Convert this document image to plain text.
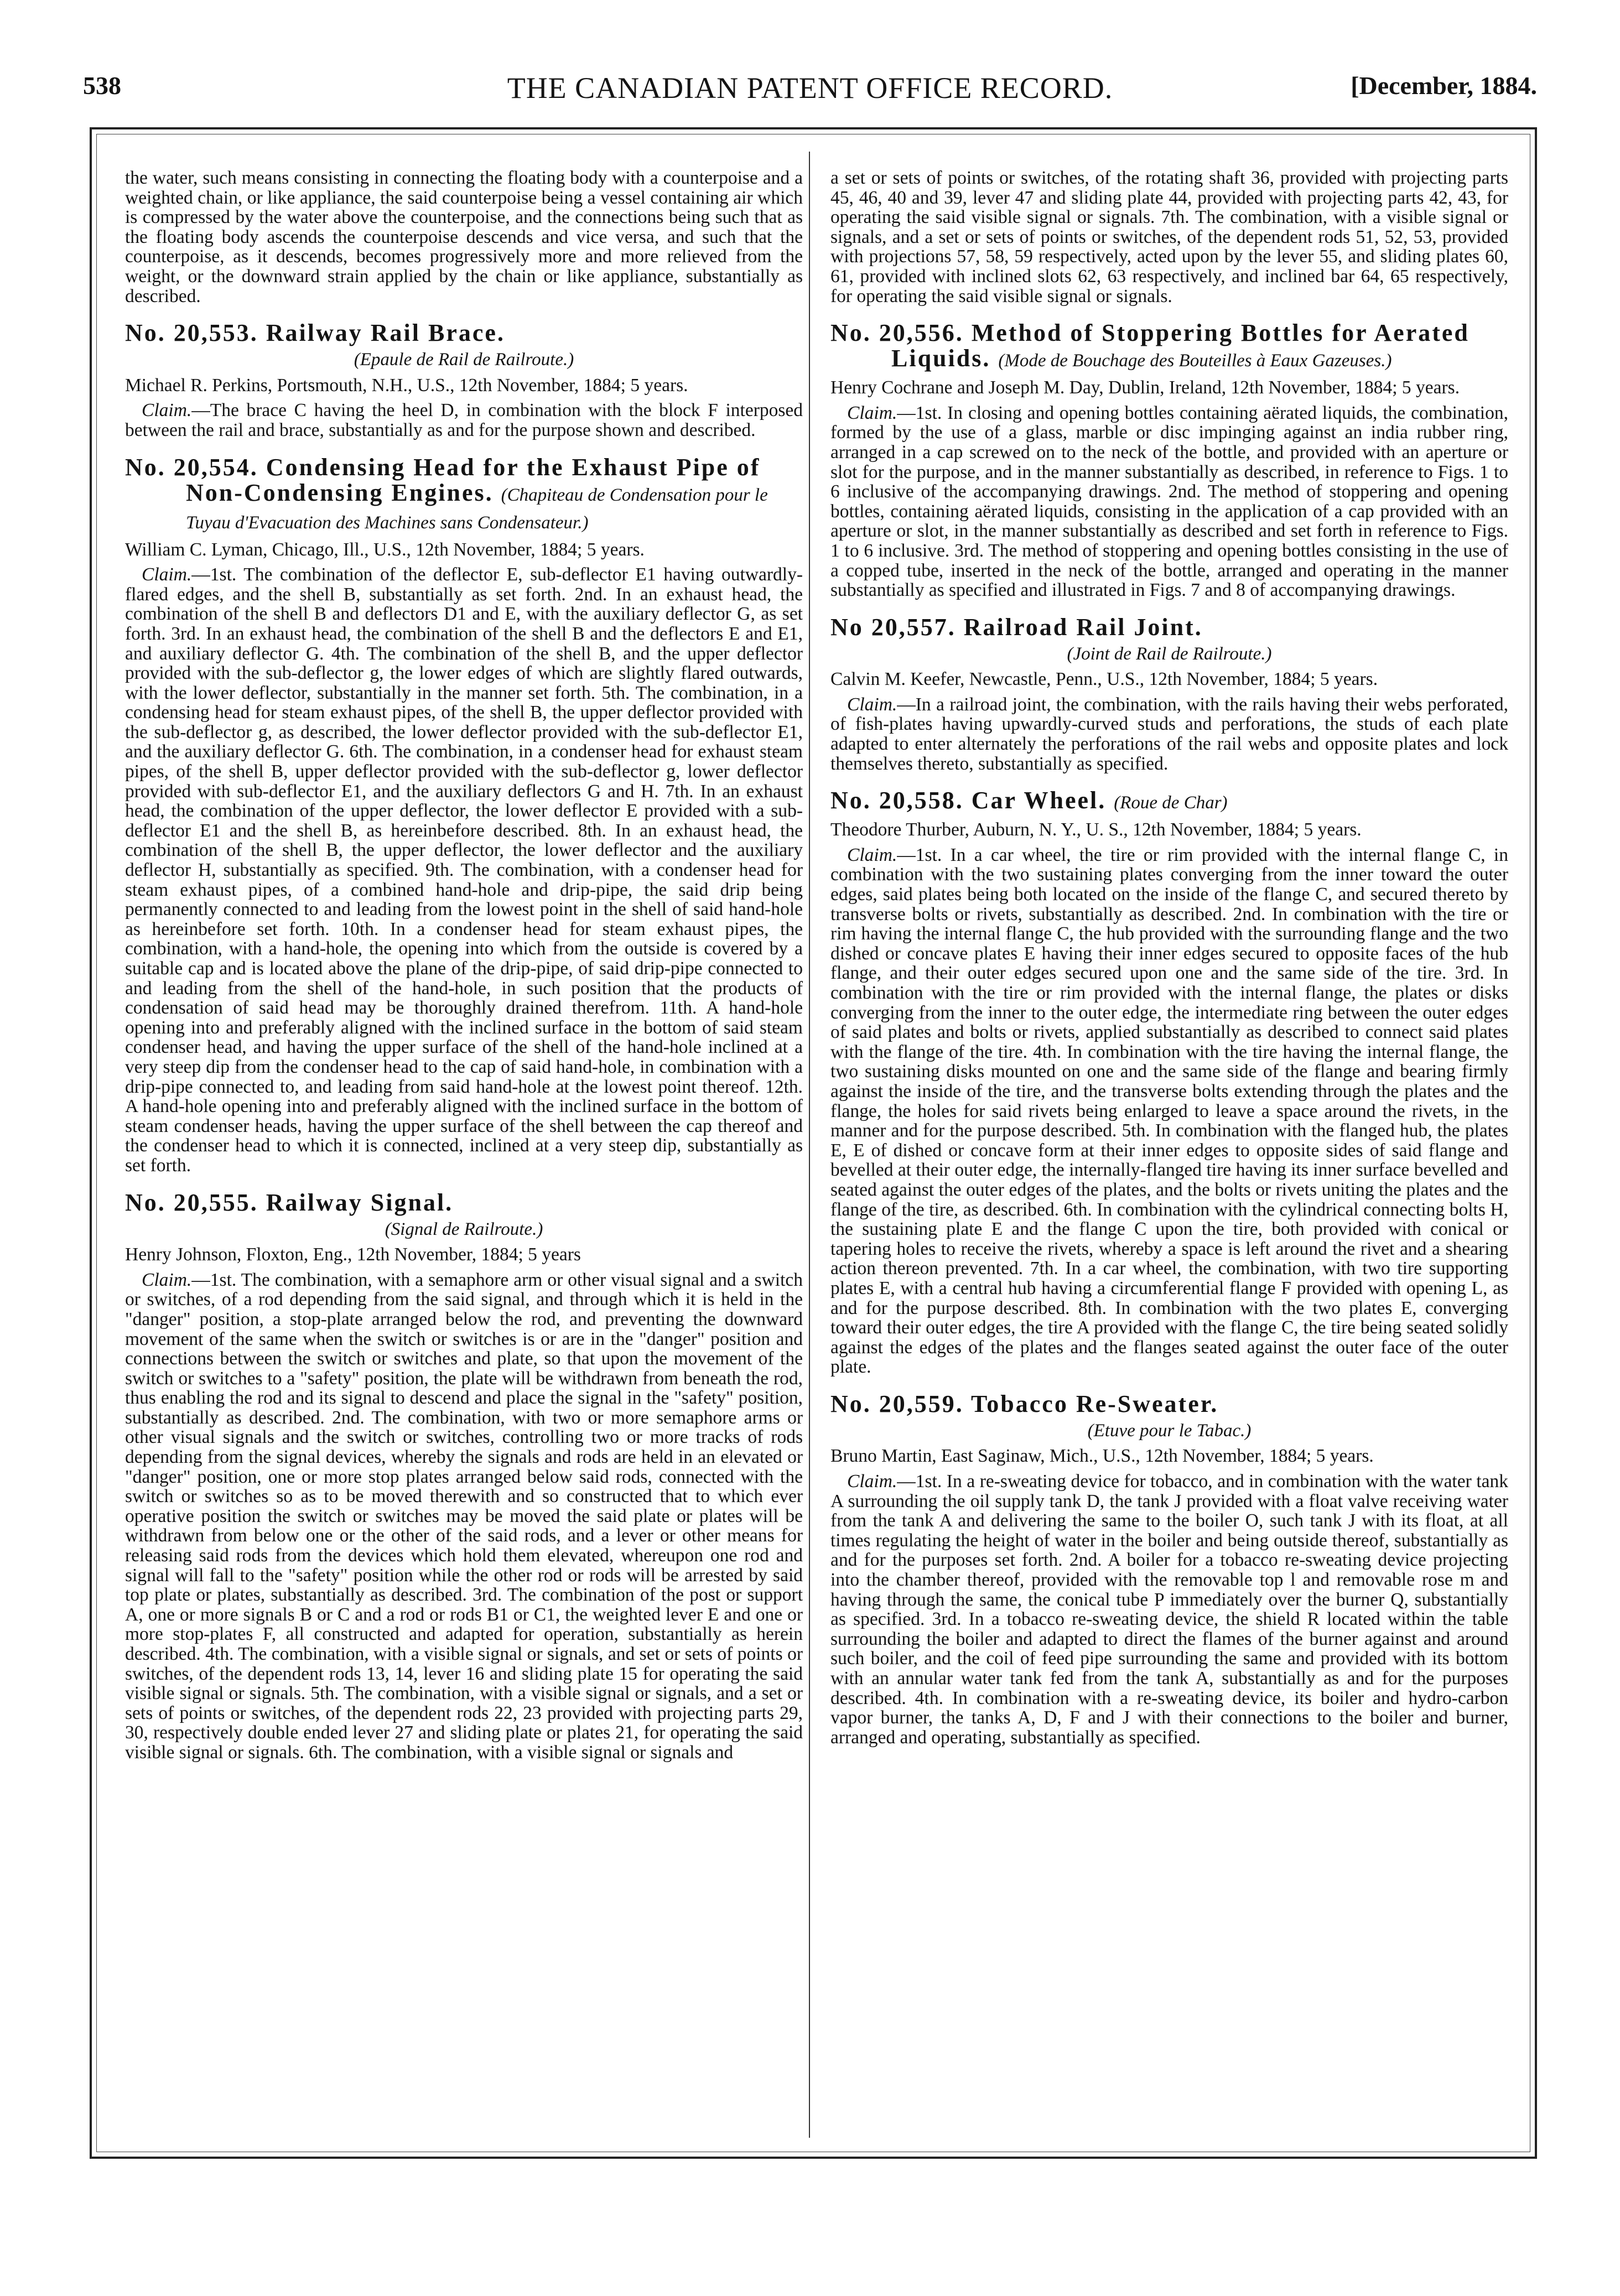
538	THE CANADIAN PATENT OFFICE RECORD.	[December, 1884.

the water, such means consisting in connecting the floating body with a counterpoise and a weighted chain, or like appliance, the said counterpoise being a vessel containing air which is compressed by the water above the counterpoise, and the connections being such that as the floating body ascends the counterpoise descends and vice versa, and such that the counterpoise, as it descends, becomes progressively more and more relieved from the weight, or the downward strain applied by the chain or like appliance, substantially as described.

No. 20,553. Railway Rail Brace.
(Epaule de Rail de Railroute.)

Michael R. Perkins, Portsmouth, N.H., U.S., 12th November, 1884; 5 years.

Claim.—The brace C having the heel D, in combination with the block F interposed between the rail and brace, substantially as and for the purpose shown and described.

No. 20,554. Condensing Head for the Exhaust Pipe of Non-Condensing Engines. (Chapiteau de Condensation pour le Tuyau d'Evacuation des Machines sans Condensateur.)

William C. Lyman, Chicago, Ill., U.S., 12th November, 1884; 5 years.

Claim.—1st. The combination of the deflector E, sub-deflector E1 having outwardly-flared edges, and the shell B, substantially as set forth. 2nd. In an exhaust head, the combination of the shell B and deflectors D1 and E, with the auxiliary deflector G, as set forth. 3rd. In an exhaust head, the combination of the shell B and the deflectors E and E1, and auxiliary deflector G. 4th. The combination of the shell B, and the upper deflector provided with the sub-deflector g, the lower edges of which are slightly flared outwards, with the lower deflector, substantially in the manner set forth. 5th. The combination, in a condensing head for steam exhaust pipes, of the shell B, the upper deflector provided with the sub-deflector g, as described, the lower deflector provided with the sub-deflector E1, and the auxiliary deflector G. 6th. The combination, in a condenser head for exhaust steam pipes, of the shell B, upper deflector provided with the sub-deflector g, lower deflector provided with sub-deflector E1, and the auxiliary deflectors G and H. 7th. In an exhaust head, the combination of the upper deflector, the lower deflector E provided with a sub-deflector E1 and the shell B, as hereinbefore described. 8th. In an exhaust head, the combination of the shell B, the upper deflector, the lower deflector and the auxiliary deflector H, substantially as specified. 9th. The combination, with a condenser head for steam exhaust pipes, of a combined hand-hole and drip-pipe, the said drip being permanently connected to and leading from the lowest point in the shell of said hand-hole as hereinbefore set forth. 10th. In a condenser head for steam exhaust pipes, the combination, with a hand-hole, the opening into which from the outside is covered by a suitable cap and is located above the plane of the drip-pipe, of said drip-pipe connected to and leading from the shell of the hand-hole, in such position that the products of condensation of said head may be thoroughly drained therefrom. 11th. A hand-hole opening into and preferably aligned with the inclined surface in the bottom of said steam condenser head, and having the upper surface of the shell of the hand-hole inclined at a very steep dip from the condenser head to the cap of said hand-hole, in combination with a drip-pipe connected to, and leading from said hand-hole at the lowest point thereof. 12th. A hand-hole opening into and preferably aligned with the inclined surface in the bottom of steam condenser heads, having the upper surface of the shell between the cap thereof and the condenser head to which it is connected, inclined at a very steep dip, substantially as set forth.

No. 20,555. Railway Signal.
(Signal de Railroute.)

Henry Johnson, Floxton, Eng., 12th November, 1884; 5 years

Claim.—1st. The combination, with a semaphore arm or other visual signal and a switch or switches, of a rod depending from the said signal, and through which it is held in the "danger" position, a stop-plate arranged below the rod, and preventing the downward movement of the same when the switch or switches is or are in the "danger" position and connections between the switch or switches and plate, so that upon the movement of the switch or switches to a "safety" position, the plate will be withdrawn from beneath the rod, thus enabling the rod and its signal to descend and place the signal in the "safety" position, substantially as described. 2nd. The combination, with two or more semaphore arms or other visual signals and the switch or switches, controlling two or more tracks of rods depending from the signal devices, whereby the signals and rods are held in an elevated or "danger" position, one or more stop plates arranged below said rods, connected with the switch or switches so as to be moved therewith and so constructed that to which ever operative position the switch or switches may be moved the said plate or plates will be withdrawn from below one or the other of the said rods, and a lever or other means for releasing said rods from the devices which hold them elevated, whereupon one rod and signal will fall to the "safety" position while the other rod or rods will be arrested by said top plate or plates, substantially as described. 3rd. The combination of the post or support A, one or more signals B or C and a rod or rods B1 or C1, the weighted lever E and one or more stop-plates F, all constructed and adapted for operation, substantially as herein described. 4th. The combination, with a visible signal or signals, and set or sets of points or switches, of the dependent rods 13, 14, lever 16 and sliding plate 15 for operating the said visible signal or signals. 5th. The combination, with a visible signal or signals, and a set or sets of points or switches, of the dependent rods 22, 23 provided with projecting parts 29, 30, respectively double ended lever 27 and sliding plate or plates 21, for operating the said visible signal or signals. 6th. The combination, with a visible signal or signals and

a set or sets of points or switches, of the rotating shaft 36, provided with projecting parts 45, 46, 40 and 39, lever 47 and sliding plate 44, provided with projecting parts 42, 43, for operating the said visible signal or signals. 7th. The combination, with a visible signal or signals, and a set or sets of points or switches, of the dependent rods 51, 52, 53, provided with projections 57, 58, 59 respectively, acted upon by the lever 55, and sliding plates 60, 61, provided with inclined slots 62, 63 respectively, and inclined bar 64, 65 respectively, for operating the said visible signal or signals.

No. 20,556. Method of Stoppering Bottles for Aerated Liquids. (Mode de Bouchage des Bouteilles à Eaux Gazeuses.)

Henry Cochrane and Joseph M. Day, Dublin, Ireland, 12th November, 1884; 5 years.

Claim.—1st. In closing and opening bottles containing aërated liquids, the combination, formed by the use of a glass, marble or disc impinging against an india rubber ring, arranged in a cap screwed on to the neck of the bottle, and provided with an aperture or slot for the purpose, and in the manner substantially as described, in reference to Figs. 1 to 6 inclusive of the accompanying drawings. 2nd. The method of stoppering and opening bottles, containing aërated liquids, consisting in the application of a cap provided with an aperture or slot, in the manner substantially as described and set forth in reference to Figs. 1 to 6 inclusive. 3rd. The method of stoppering and opening bottles consisting in the use of a copped tube, inserted in the neck of the bottle, arranged and operating in the manner substantially as specified and illustrated in Figs. 7 and 8 of accompanying drawings.

No 20,557. Railroad Rail Joint.
(Joint de Rail de Railroute.)

Calvin M. Keefer, Newcastle, Penn., U.S., 12th November, 1884; 5 years.

Claim.—In a railroad joint, the combination, with the rails having their webs perforated, of fish-plates having upwardly-curved studs and perforations, the studs of each plate adapted to enter alternately the perforations of the rail webs and opposite plates and lock themselves thereto, substantially as specified.

No. 20,558. Car Wheel. (Roue de Char)

Theodore Thurber, Auburn, N. Y., U. S., 12th November, 1884; 5 years.

Claim.—1st. In a car wheel, the tire or rim provided with the internal flange C, in combination with the two sustaining plates converging from the inner toward the outer edges, said plates being both located on the inside of the flange C, and secured thereto by transverse bolts or rivets, substantially as described. 2nd. In combination with the tire or rim having the internal flange C, the hub provided with the surrounding flange and the two dished or concave plates E having their inner edges secured to opposite faces of the hub flange, and their outer edges secured upon one and the same side of the tire. 3rd. In combination with the tire or rim provided with the internal flange, the plates or disks converging from the inner to the outer edge, the intermediate ring between the outer edges of said plates and bolts or rivets, applied substantially as described to connect said plates with the flange of the tire. 4th. In combination with the tire having the internal flange, the two sustaining disks mounted on one and the same side of the flange and bearing firmly against the inside of the tire, and the transverse bolts extending through the plates and the flange, the holes for said rivets being enlarged to leave a space around the rivets, in the manner and for the purpose described. 5th. In combination with the flanged hub, the plates E, E of dished or concave form at their inner edges to opposite sides of said flange and bevelled at their outer edge, the internally-flanged tire having its inner surface bevelled and seated against the outer edges of the plates, and the bolts or rivets uniting the plates and the flange of the tire, as described. 6th. In combination with the cylindrical connecting bolts H, the sustaining plate E and the flange C upon the tire, both provided with conical or tapering holes to receive the rivets, whereby a space is left around the rivet and a shearing action thereon prevented. 7th. In a car wheel, the combination, with two tire supporting plates E, with a central hub having a circumferential flange F provided with opening L, as and for the purpose described. 8th. In combination with the two plates E, converging toward their outer edges, the tire A provided with the flange C, the tire being seated solidly against the edges of the plates and the flanges seated against the outer face of the outer plate.

No. 20,559. Tobacco Re-Sweater.
(Etuve pour le Tabac.)

Bruno Martin, East Saginaw, Mich., U.S., 12th November, 1884; 5 years.

Claim.—1st. In a re-sweating device for tobacco, and in combination with the water tank A surrounding the oil supply tank D, the tank J provided with a float valve receiving water from the tank A and delivering the same to the boiler O, such tank J with its float, at all times regulating the height of water in the boiler and being outside thereof, substantially as and for the purposes set forth. 2nd. A boiler for a tobacco re-sweating device projecting into the chamber thereof, provided with the removable top l and removable rose m and having through the same, the conical tube P immediately over the burner Q, substantially as specified. 3rd. In a tobacco re-sweating device, the shield R located within the table surrounding the boiler and adapted to direct the flames of the burner against and around such boiler, and the coil of feed pipe surrounding the same and provided with its bottom with an annular water tank fed from the tank A, substantially as and for the purposes described. 4th. In combination with a re-sweating device, its boiler and hydro-carbon vapor burner, the tanks A, D, F and J with their connections to the boiler and burner, arranged and operating, substantially as specified.
